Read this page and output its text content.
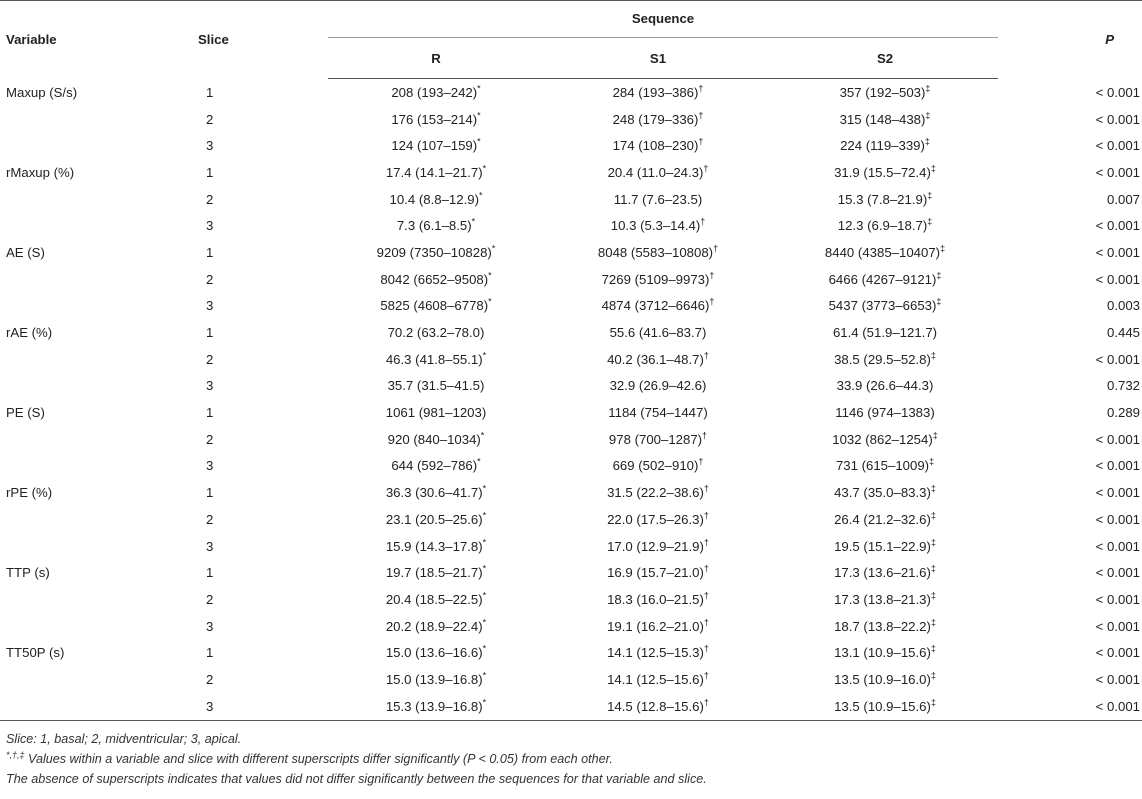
Variable	Slice	Sequence			P
		R	S1	S2	
Maxup (S/s)	1	208 (193–242)*	284 (193–386)†	357 (192–503)‡	< 0.001
	2	176 (153–214)*	248 (179–336)†	315 (148–438)‡	< 0.001
	3	124 (107–159)*	174 (108–230)†	224 (119–339)‡	< 0.001
rMaxup (%)	1	17.4 (14.1–21.7)*	20.4 (11.0–24.3)†	31.9 (15.5–72.4)‡	< 0.001
	2	10.4 (8.8–12.9)*	11.7 (7.6–23.5)	15.3 (7.8–21.9)‡	0.007
	3	7.3 (6.1–8.5)*	10.3 (5.3–14.4)†	12.3 (6.9–18.7)‡	< 0.001
AE (S)	1	9209 (7350–10828)*	8048 (5583–10808)†	8440 (4385–10407)‡	< 0.001
	2	8042 (6652–9508)*	7269 (5109–9973)†	6466 (4267–9121)‡	< 0.001
	3	5825 (4608–6778)*	4874 (3712–6646)†	5437 (3773–6653)‡	0.003
rAE (%)	1	70.2 (63.2–78.0)	55.6 (41.6–83.7)	61.4 (51.9–121.7)	0.445
	2	46.3 (41.8–55.1)*	40.2 (36.1–48.7)†	38.5 (29.5–52.8)‡	< 0.001
	3	35.7 (31.5–41.5)	32.9 (26.9–42.6)	33.9 (26.6–44.3)	0.732
PE (S)	1	1061 (981–1203)	1184 (754–1447)	1146 (974–1383)	0.289
	2	920 (840–1034)*	978 (700–1287)†	1032 (862–1254)‡	< 0.001
	3	644 (592–786)*	669 (502–910)†	731 (615–1009)‡	< 0.001
rPE (%)	1	36.3 (30.6–41.7)*	31.5 (22.2–38.6)†	43.7 (35.0–83.3)‡	< 0.001
	2	23.1 (20.5–25.6)*	22.0 (17.5–26.3)†	26.4 (21.2–32.6)‡	< 0.001
	3	15.9 (14.3–17.8)*	17.0 (12.9–21.9)†	19.5 (15.1–22.9)‡	< 0.001
TTP (s)	1	19.7 (18.5–21.7)*	16.9 (15.7–21.0)†	17.3 (13.6–21.6)‡	< 0.001
	2	20.4 (18.5–22.5)*	18.3 (16.0–21.5)†	17.3 (13.8–21.3)‡	< 0.001
	3	20.2 (18.9–22.4)*	19.1 (16.2–21.0)†	18.7 (13.8–22.2)‡	< 0.001
TT50P (s)	1	15.0 (13.6–16.6)*	14.1 (12.5–15.3)†	13.1 (10.9–15.6)‡	< 0.001
	2	15.0 (13.9–16.8)*	14.1 (12.5–15.6)†	13.5 (10.9–16.0)‡	< 0.001
	3	15.3 (13.9–16.8)*	14.5 (12.8–15.6)†	13.5 (10.9–15.6)‡	< 0.001
Slice: 1, basal; 2, midventricular; 3, apical.
*,†,‡ Values within a variable and slice with different superscripts differ significantly (P < 0.05) from each other.
The absence of superscripts indicates that values did not differ significantly between the sequences for that variable and slice.
